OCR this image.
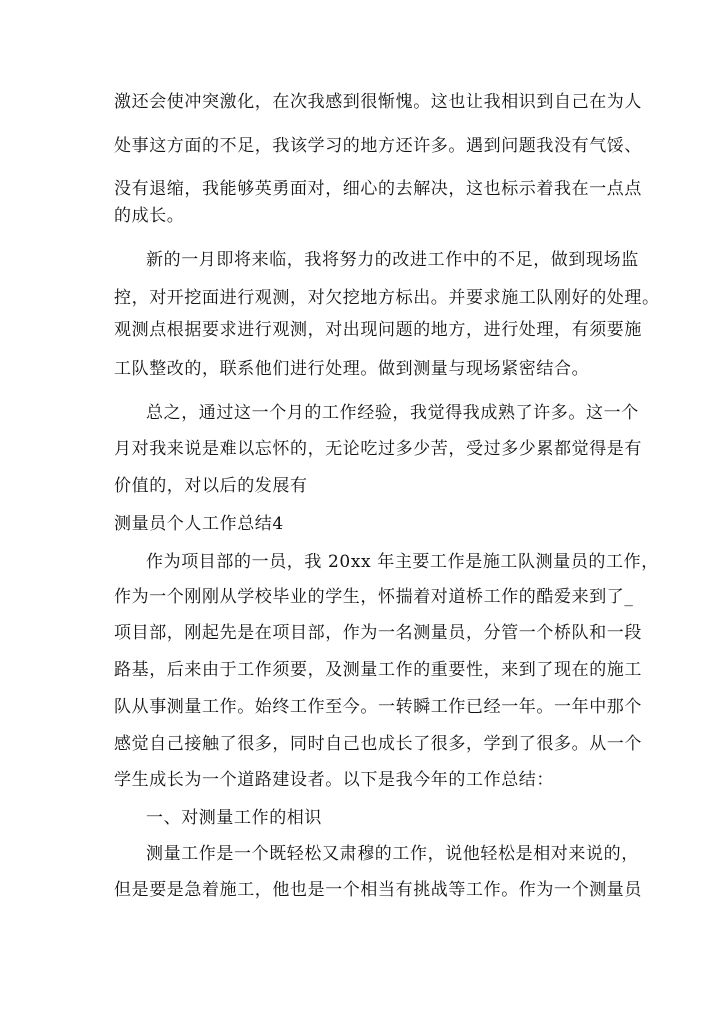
激还会使冲突激化，在次我感到很惭愧。这也让我相识到自己在为人
处事这方面的不足，我该学习的地方还许多。遇到问题我没有气馁、
没有退缩，我能够英勇面对，细心的去解决，这也标示着我在一点点
的成长。
新的一月即将来临，我将努力的改进工作中的不足，做到现场监
控，对开挖面进行观测，对欠挖地方标出。并要求施工队刚好的处理。
观测点根据要求进行观测，对出现问题的地方，进行处理，有须要施
工队整改的，联系他们进行处理。做到测量与现场紧密结合。
总之，通过这一个月的工作经验，我觉得我成熟了许多。这一个
月对我来说是难以忘怀的，无论吃过多少苦，受过多少累都觉得是有
价值的，对以后的发展有
测量员个人工作总结4
作为项目部的一员，我 20xx 年主要工作是施工队测量员的工作，
作为一个刚刚从学校毕业的学生，怀揣着对道桥工作的酷爱来到了_
项目部，刚起先是在项目部，作为一名测量员，分管一个桥队和一段
路基，后来由于工作须要，及测量工作的重要性，来到了现在的施工
队从事测量工作。始终工作至今。一转瞬工作已经一年。一年中那个
感觉自己接触了很多，同时自己也成长了很多，学到了很多。从一个
学生成长为一个道路建设者。以下是我今年的工作总结：
一、对测量工作的相识
测量工作是一个既轻松又肃穆的工作，说他轻松是相对来说的，
但是要是急着施工，他也是一个相当有挑战等工作。作为一个测量员
